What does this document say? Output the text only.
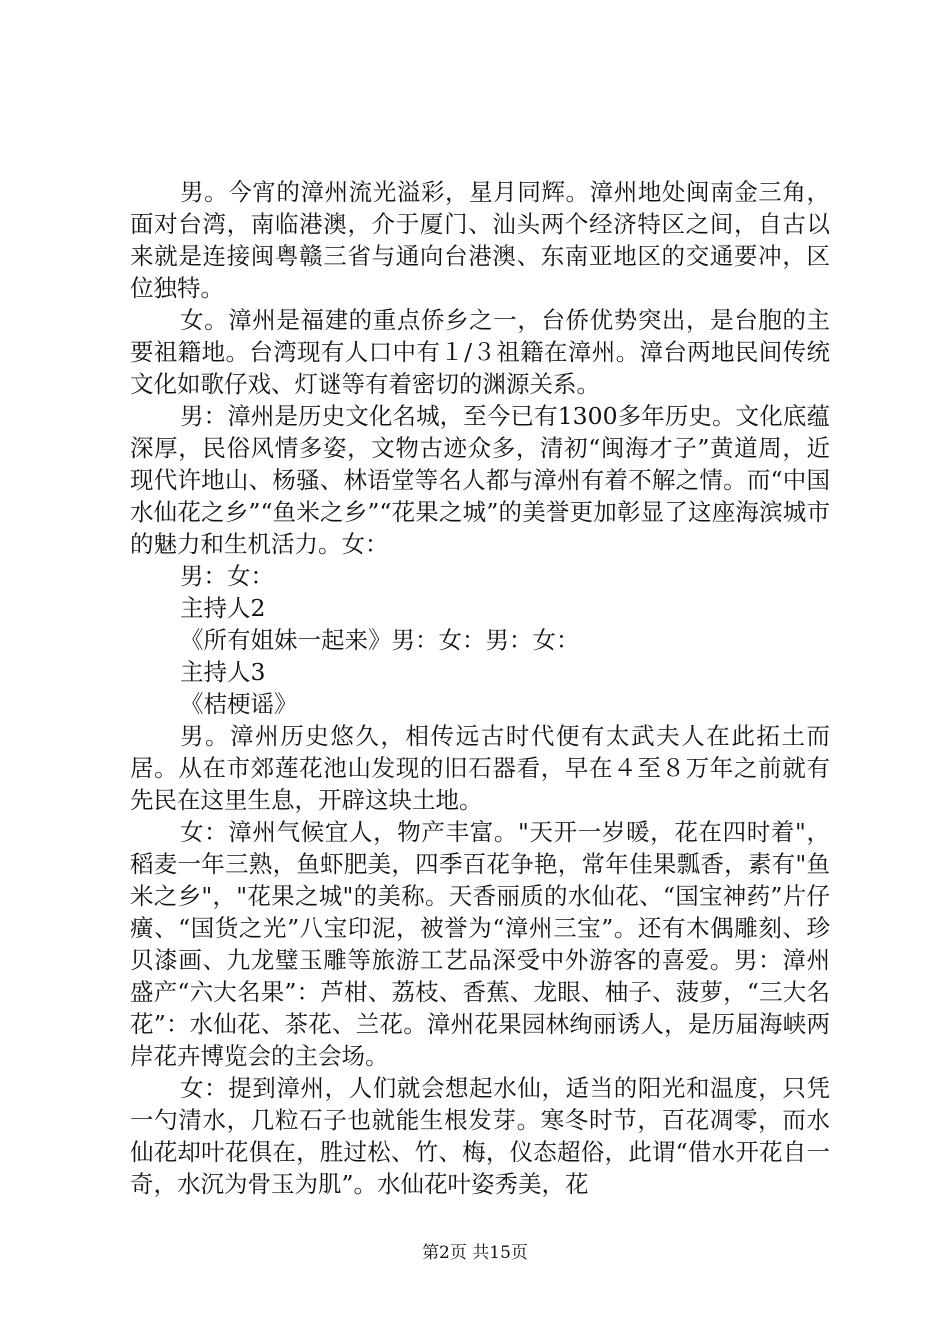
男。今宵的漳州流光溢彩，星月同辉。漳州地处闽南金三角，面对台湾，南临港澳，介于厦门、汕头两个经济特区之间，自古以来就是连接闽粤赣三省与通向台港澳、东南亚地区的交通要冲，区位独特。

女。漳州是福建的重点侨乡之一，台侨优势突出，是台胞的主要祖籍地。台湾现有人口中有１/３祖籍在漳州。漳台两地民间传统文化如歌仔戏、灯谜等有着密切的渊源关系。

男：漳州是历史文化名城，至今已有1300多年历史。文化底蕴深厚，民俗风情多姿，文物古迹众多，清初“闽海才子”黄道周，近现代许地山、杨骚、林语堂等名人都与漳州有着不解之情。而“中国水仙花之乡”“鱼米之乡”“花果之城”的美誉更加彰显了这座海滨城市的魅力和生机活力。女：

男：女：

主持人2

《所有姐妹一起来》男：女：男：女：

主持人3

《桔梗谣》

男。漳州历史悠久，相传远古时代便有太武夫人在此拓土而居。从在市郊莲花池山发现的旧石器看，早在４至８万年之前就有先民在这里生息，开辟这块土地。

女：漳州气候宜人，物产丰富。"天开一岁暖，花在四时着"，稻麦一年三熟，鱼虾肥美，四季百花争艳，常年佳果瓢香，素有"鱼米之乡"，"花果之城"的美称。天香丽质的水仙花、“国宝神药”片仔癀、“国货之光”八宝印泥，被誉为“漳州三宝”。还有木偶雕刻、珍贝漆画、九龙璧玉雕等旅游工艺品深受中外游客的喜爱。男：漳州盛产“六大名果”：芦柑、荔枝、香蕉、龙眼、柚子、菠萝，“三大名花”：水仙花、茶花、兰花。漳州花果园林绚丽诱人，是历届海峡两岸花卉博览会的主会场。

女：提到漳州，人们就会想起水仙，适当的阳光和温度，只凭一勺清水，几粒石子也就能生根发芽。寒冬时节，百花凋零，而水仙花却叶花俱在，胜过松、竹、梅，仪态超俗，此谓“借水开花自一奇，水沉为骨玉为肌”。水仙花叶姿秀美，花

第2页 共15页
